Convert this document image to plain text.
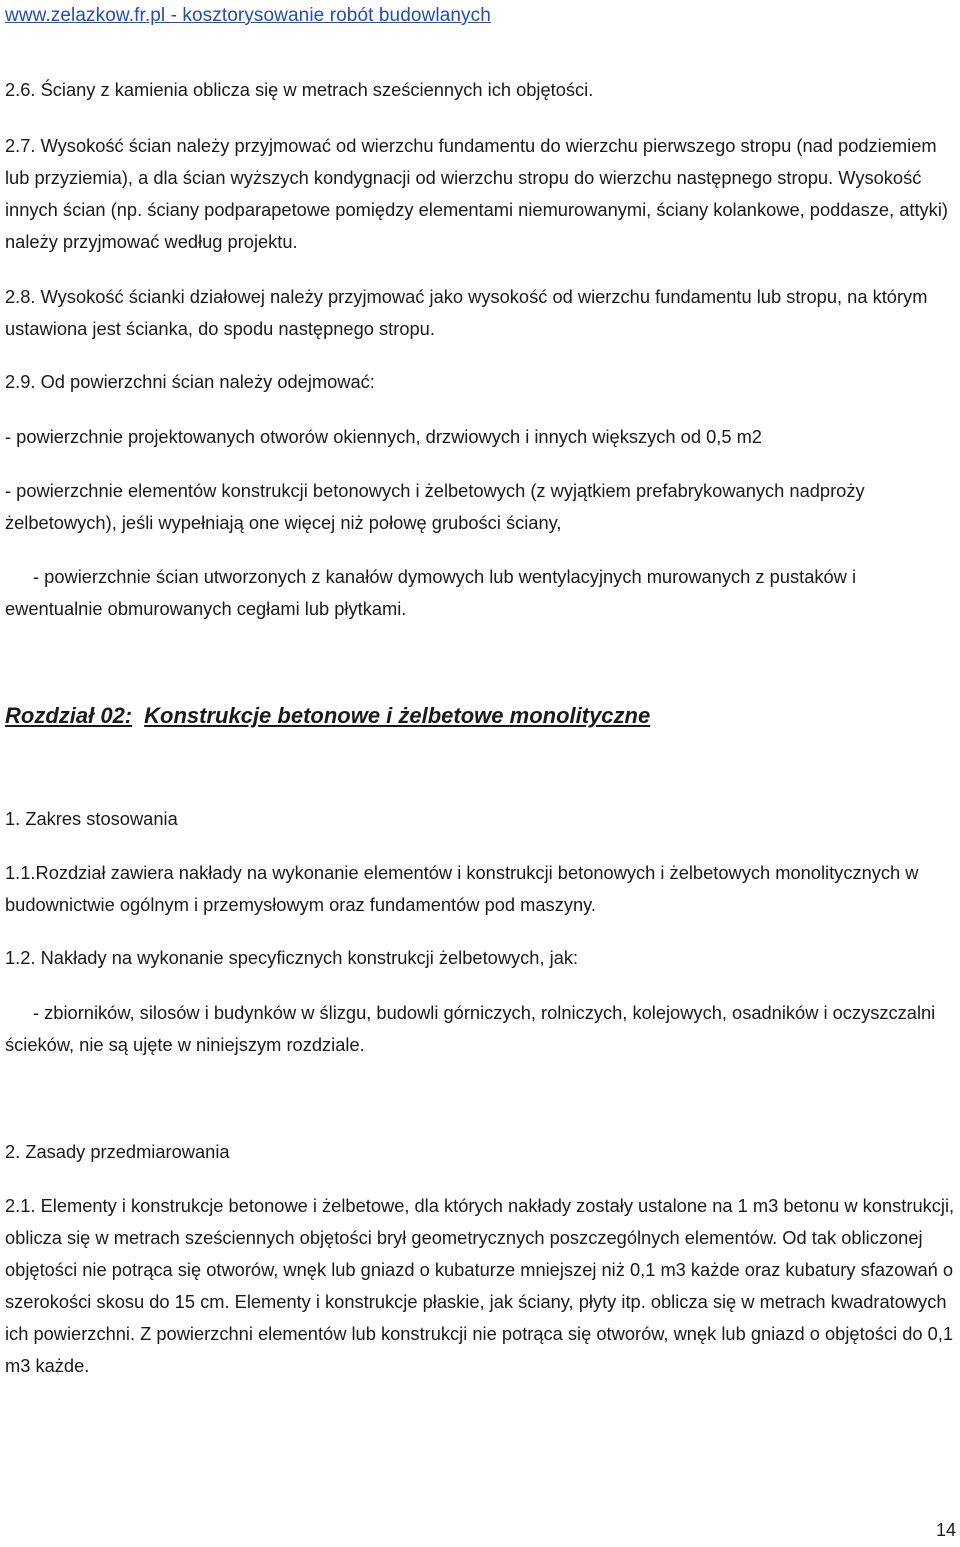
www.zelazkow.fr.pl - kosztorysowanie robót budowlanych

2.6. Ściany z kamienia oblicza się w metrach sześciennych ich objętości.

2.7. Wysokość ścian należy przyjmować od wierzchu fundamentu do wierzchu pierwszego stropu (nad podziemiem lub przyziemia), a dla ścian wyższych kondygnacji od wierzchu stropu do wierzchu następnego stropu. Wysokość innych ścian (np. ściany podparapetowe pomiędzy elementami niemurowanymi, ściany kolankowe, poddasze, attyki) należy przyjmować według projektu.

2.8. Wysokość ścianki działowej należy przyjmować jako wysokość od wierzchu fundamentu lub stropu, na którym ustawiona jest ścianka, do spodu następnego stropu.

2.9. Od powierzchni ścian należy odejmować:

- powierzchnie projektowanych otworów okiennych, drzwiowych i innych większych od 0,5 m2

- powierzchnie elementów konstrukcji betonowych i żelbetowych (z wyjątkiem prefabrykowanych nadproży żelbetowych), jeśli wypełniają one więcej niż połowę grubości ściany,

- powierzchnie ścian utworzonych z kanałów dymowych lub wentylacyjnych murowanych z pustaków i ewentualnie obmurowanych cegłami lub płytkami.

Rozdział 02: Konstrukcje betonowe i żelbetowe monolityczne

1. Zakres stosowania

1.1.Rozdział zawiera nakłady na wykonanie elementów i konstrukcji betonowych i żelbetowych monolitycznych w budownictwie ogólnym i przemysłowym oraz fundamentów pod maszyny.

1.2. Nakłady na wykonanie specyficznych konstrukcji żelbetowych, jak:

- zbiorników, silosów i budynków w ślizgu, budowli górniczych, rolniczych, kolejowych, osadników i oczyszczalni ścieków, nie są ujęte w niniejszym rozdziale.

2. Zasady przedmiarowania

2.1. Elementy i konstrukcje betonowe i żelbetowe, dla których nakłady zostały ustalone na 1 m3 betonu w konstrukcji, oblicza się w metrach sześciennych objętości brył geometrycznych poszczególnych elementów. Od tak obliczonej objętości nie potrąca się otworów, wnęk lub gniazd o kubaturze mniejszej niż 0,1 m3 każde oraz kubatury sfazowań o szerokości skosu do 15 cm. Elementy i konstrukcje płaskie, jak ściany, płyty itp. oblicza się w metrach kwadratowych ich powierzchni. Z powierzchni elementów lub konstrukcji nie potrąca się otworów, wnęk lub gniazd o objętości do 0,1 m3 każde.

14
